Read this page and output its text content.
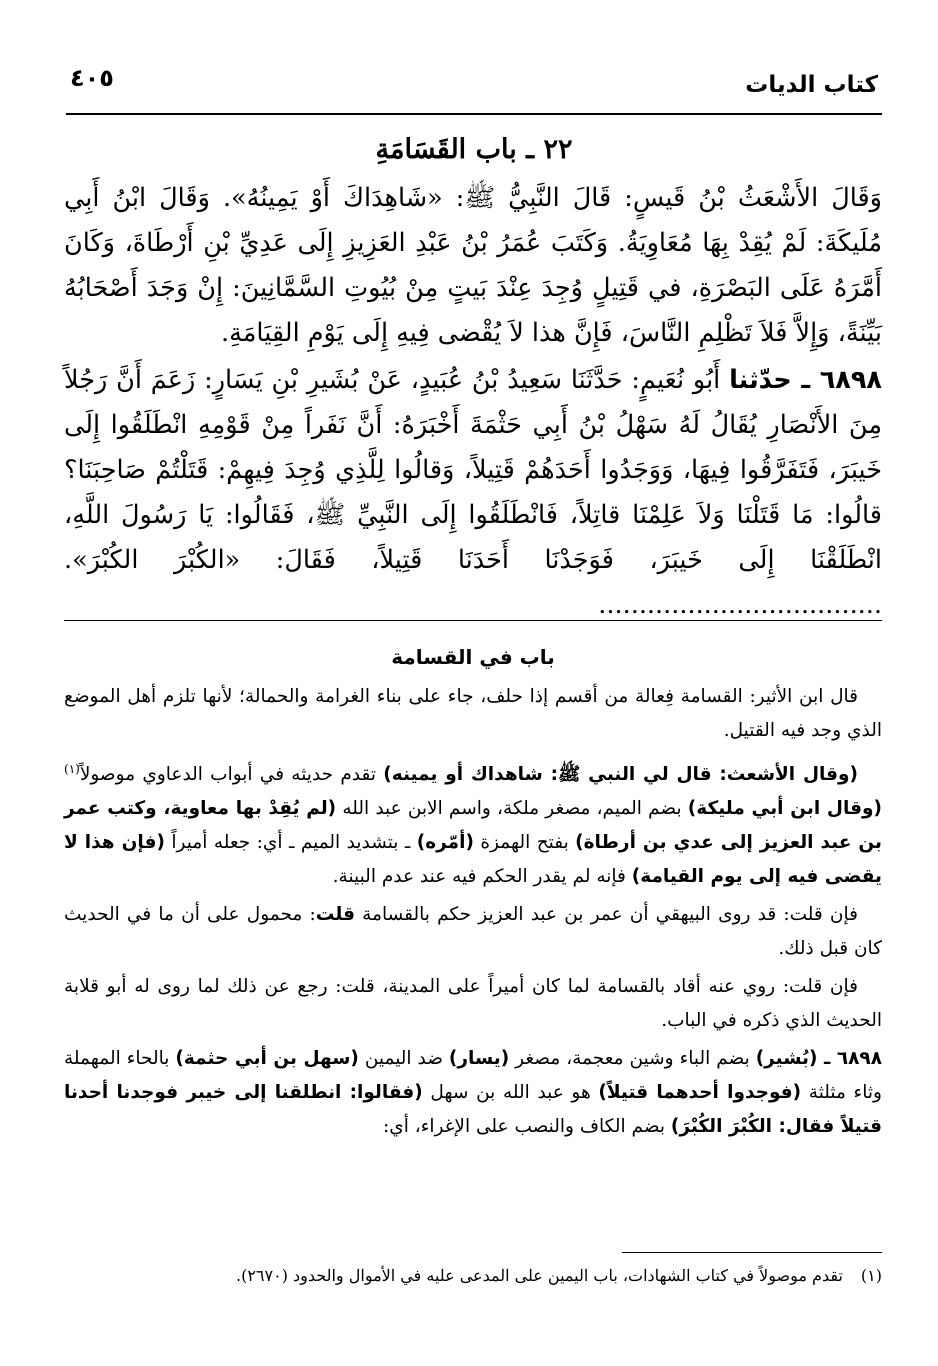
كتاب الديات
٤٠٥
٢٢ ـ باب القَسَامَةِ

وَقَالَ الأَشْعَثُ بْنُ قَيسٍ: قَالَ النَّبِيُّ ﷺ: «شَاهِدَاكَ أَوْ يَمِينُهُ». وَقَالَ ابْنُ أَبِي مُلَيكَةَ: لَمْ يُقِدْ بِهَا مُعَاوِيَةُ. وَكَتَبَ عُمَرُ بْنُ عَبْدِ العَزِيزِ إِلَى عَدِيِّ بْنِ أَرْطَاةَ، وَكَانَ أَمَّرَهُ عَلَى البَصْرَةِ، في قَتِيلٍ وُجِدَ عِنْدَ بَيتٍ مِنْ بُيُوتِ السَّمَّانِينَ: إِنْ وَجَدَ أَصْحَابُهُ بَيِّنَةً، وَإِلاَّ فَلاَ تَظْلِمِ النَّاسَ، فَإِنَّ هذا لاَ يُقْضى فِيهِ إِلَى يَوْمِ القِيَامَةِ.

٦٨٩٨ ـ حدّثنا أَبُو نُعَيمٍ: حَدَّثَنَا سَعِيدُ بْنُ عُبَيدٍ، عَنْ بُشَيرِ بْنِ يَسَارٍ: زَعَمَ أَنَّ رَجُلاً مِنَ الأَنْصَارِ يُقَالُ لَهُ سَهْلُ بْنُ أَبِي حَثْمَةَ أَخْبَرَهُ: أَنَّ نَفَراً مِنْ قَوْمِهِ انْطَلَقُوا إِلَى خَيبَرَ، فَتَفَرَّقُوا فِيهَا، وَوَجَدُوا أَحَدَهُمْ قَتِيلاً، وَقالُوا لِلَّذِي وُجِدَ فِيهِمْ: قَتَلْتُمْ صَاحِبَنَا؟ قالُوا: مَا قَتَلْنَا وَلاَ عَلِمْنَا قاتِلاً، فَانْطَلَقُوا إِلَى النَّبِيِّ ﷺ، فَقَالُوا: يَا رَسُولَ اللَّهِ، انْطَلَقْنَا إِلَى خَيبَرَ، فَوَجَدْنَا أَحَدَنَا قَتِيلاً، فَقَالَ: «الكُبْرَ الكُبْرَ». ...................................

باب في القسامة

قال ابن الأثير: القسامة فِعالة من أقسم إذا حلف، جاء على بناء الغرامة والحمالة؛ لأنها تلزم أهل الموضع الذي وجد فيه القتيل.

(وقال الأشعث: قال لي النبي ﷺ: شاهداك أو يمينه) تقدم حديثه في أبواب الدعاوي موصولاً$^{(١)}$ (وقال ابن أبي مليكة) بضم الميم، مصغر ملكة، واسم الابن عبد الله (لم يُقِدْ بها معاوية، وكتب عمر بن عبد العزيز إلى عدي بن أرطاة) بفتح الهمزة (أمّره) ـ بتشديد الميم ـ أي: جعله أميراً (فإن هذا لا يقضى فيه إلى يوم القيامة) فإنه لم يقدر الحكم فيه عند عدم البينة.

فإن قلت: قد روى البيهقي أن عمر بن عبد العزيز حكم بالقسامة قلت: محمول على أن ما في الحديث كان قبل ذلك.

فإن قلت: روي عنه أقاد بالقسامة لما كان أميراً على المدينة، قلت: رجع عن ذلك لما روى له أبو قلابة الحديث الذي ذكره في الباب.

٦٨٩٨ ـ (بُشير) بضم الباء وشين معجمة، مصغر (يسار) ضد اليمين (سهل بن أبي حثمة) بالحاء المهملة وثاء مثلثة (فوجدوا أحدهما قتيلاً) هو عبد الله بن سهل (فقالوا: انطلقنا إلى خيبر فوجدنا أحدنا قتيلاً فقال: الكُبْرَ الكُبْرَ) بضم الكاف والنصب على الإغراء، أي:

(١)تقدم موصولاً في كتاب الشهادات، باب اليمين على المدعى عليه في الأموال والحدود (٢٦٧٠).
